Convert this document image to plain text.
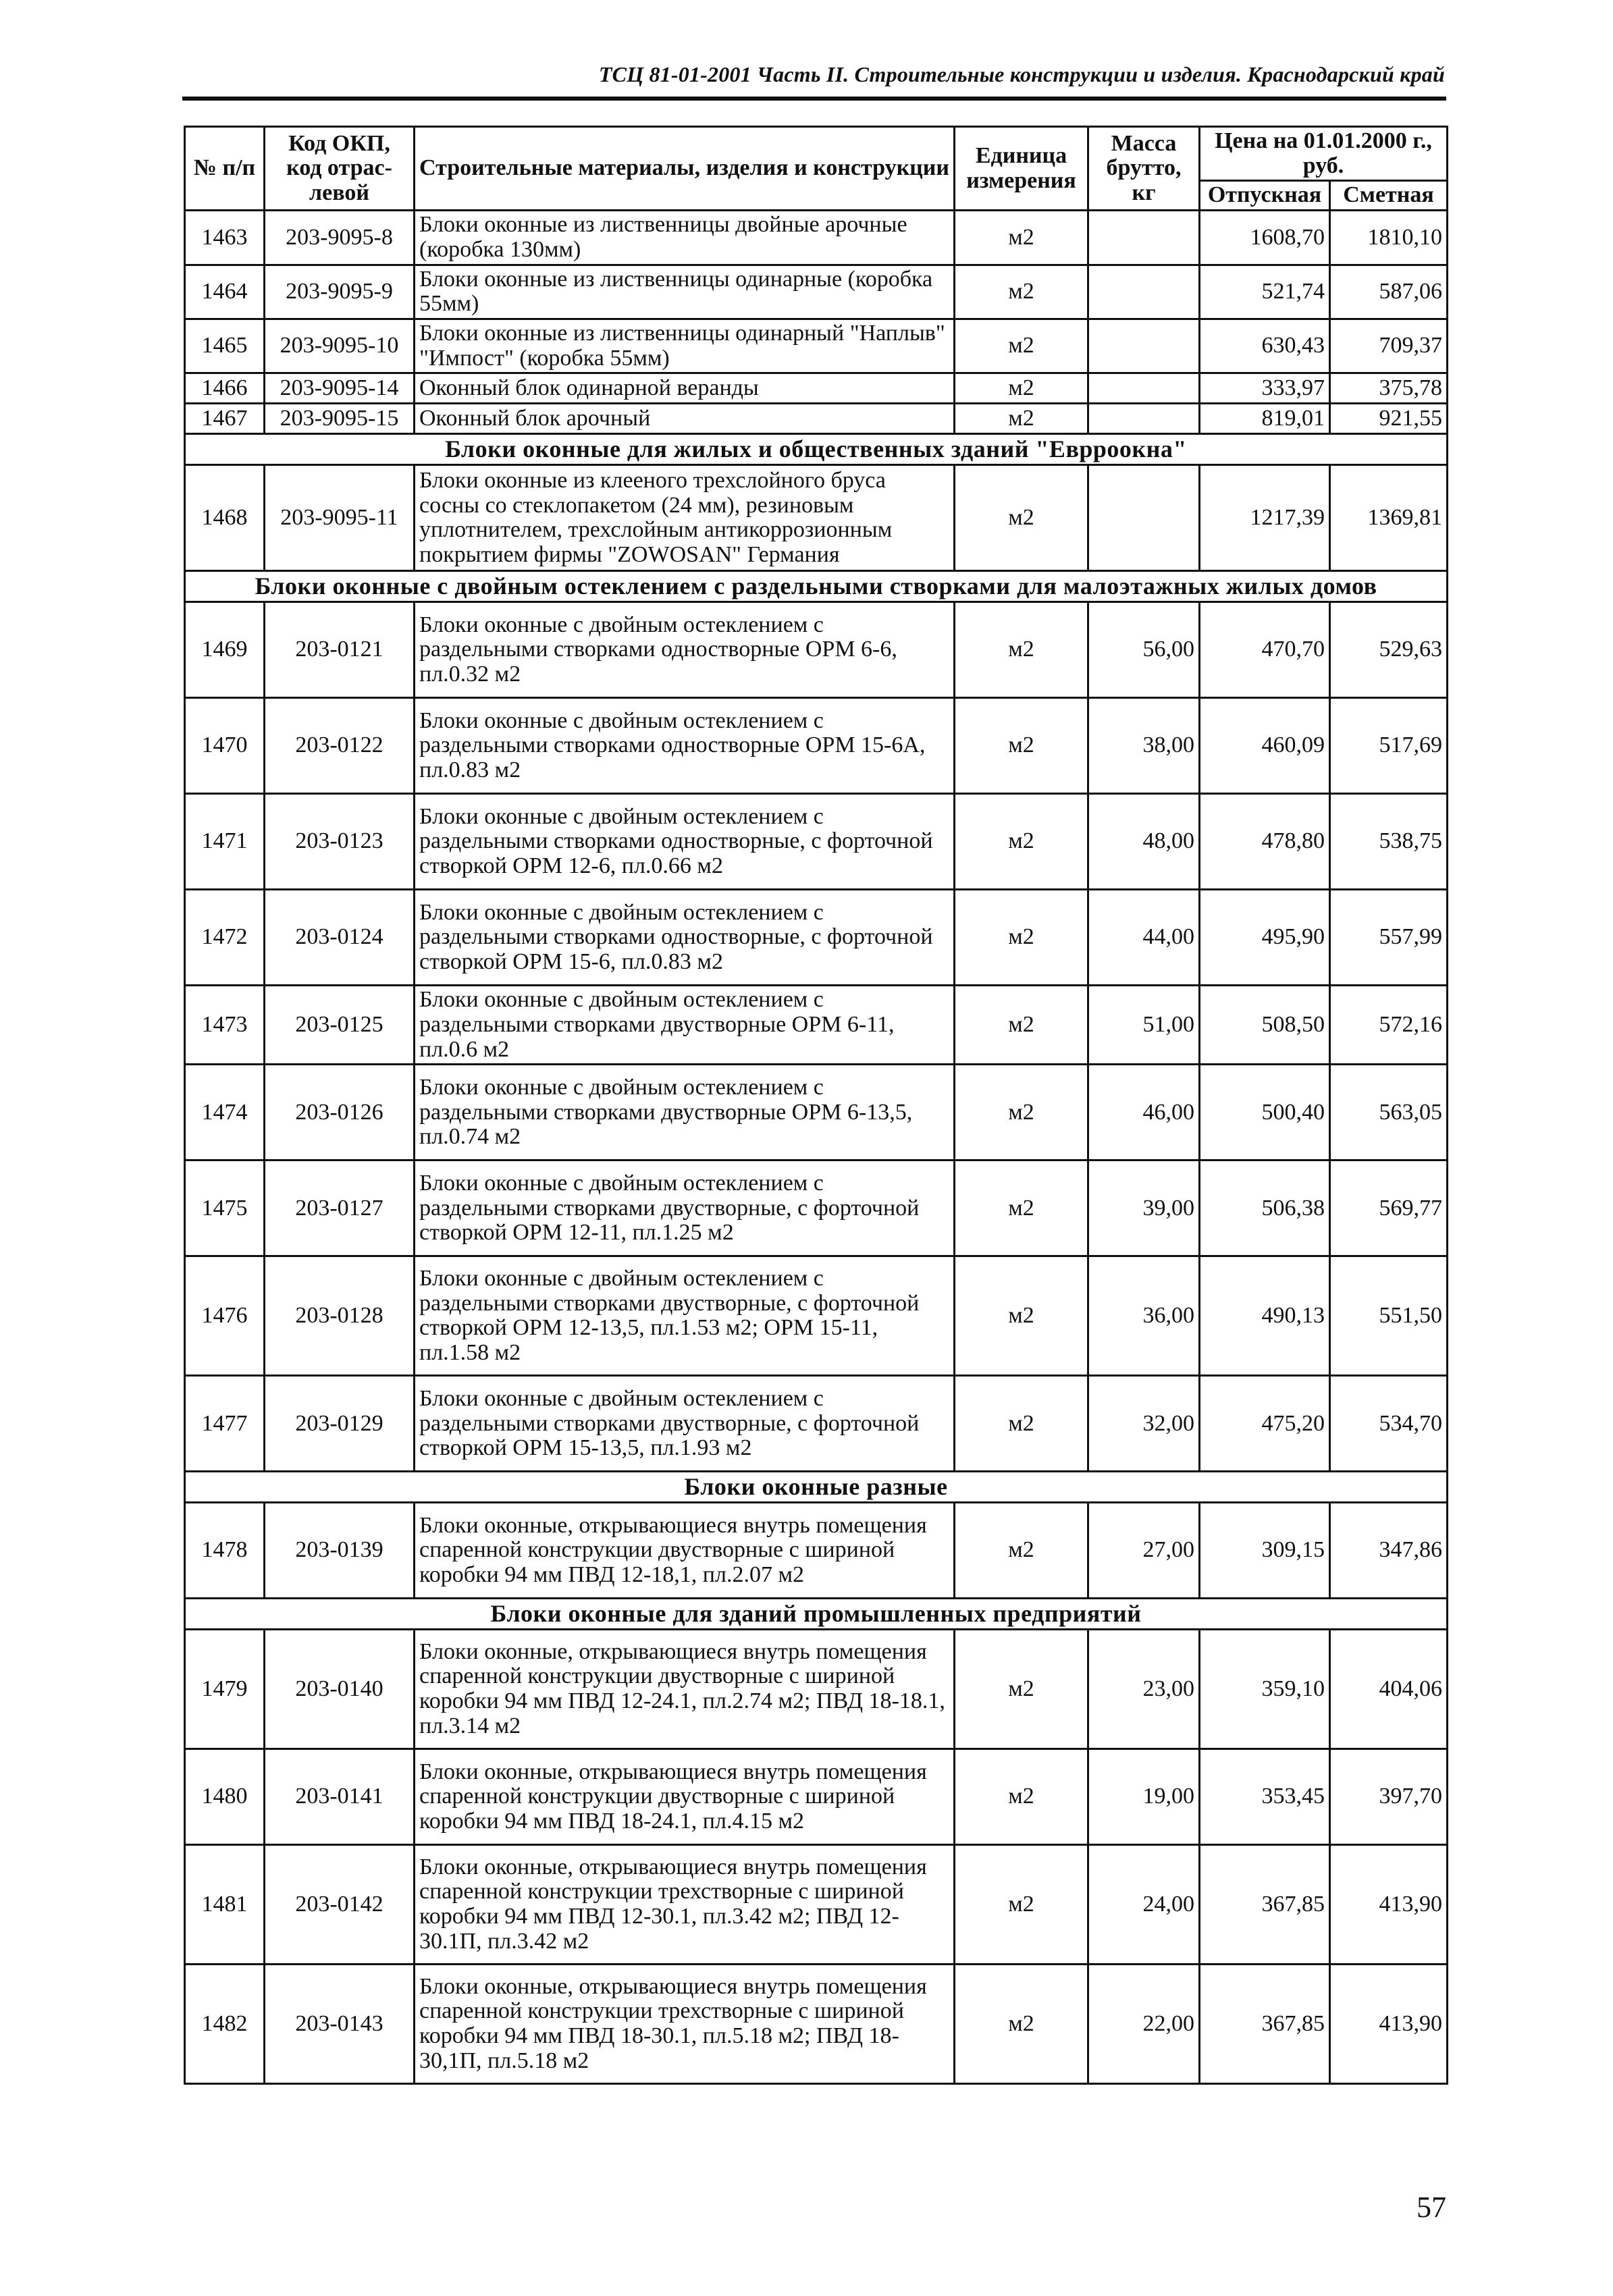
ТСЦ 81-01-2001 Часть II. Строительные конструкции и изделия. Краснодарский край
№ п/п	Код ОКП, код отрас-левой	Строительные материалы, изделия и конструкции	Единица измерения	Масса брутто, кг	Цена на 01.01.2000 г., руб.	
					Отпускная	Сметная
1463	203-9095-8	Блоки оконные из лиственницы двойные арочные (коробка 130мм)	м2		1608,70	1810,10
1464	203-9095-9	Блоки оконные из лиственницы одинарные (коробка 55мм)	м2		521,74	587,06
1465	203-9095-10	Блоки оконные из лиственницы одинарный "Наплыв" "Импост" (коробка 55мм)	м2		630,43	709,37
1466	203-9095-14	Оконный блок одинарной веранды	м2		333,97	375,78
1467	203-9095-15	Оконный блок арочный	м2		819,01	921,55
Блоки оконные для жилых и общественных зданий "Еврроокна"						
1468	203-9095-11	Блоки оконные из клееного трехслойного бруса сосны со стеклопакетом (24 мм), резиновым уплотнителем, трехслойным антикоррозионным покрытием фирмы "ZOWOSAN" Германия	м2		1217,39	1369,81
Блоки оконные с двойным остеклением с раздельными створками для малоэтажных жилых домов						
1469	203-0121	Блоки оконные с двойным остеклением с раздельными створками одностворные ОРМ 6-6, пл.0.32 м2	м2	56,00	470,70	529,63
1470	203-0122	Блоки оконные с двойным остеклением с раздельными створками одностворные ОРМ 15-6А, пл.0.83 м2	м2	38,00	460,09	517,69
1471	203-0123	Блоки оконные с двойным остеклением с раздельными створками одностворные, с форточной створкой ОРМ 12-6, пл.0.66 м2	м2	48,00	478,80	538,75
1472	203-0124	Блоки оконные с двойным остеклением с раздельными створками одностворные, с форточной створкой ОРМ 15-6, пл.0.83 м2	м2	44,00	495,90	557,99
1473	203-0125	Блоки оконные с двойным остеклением с раздельными створками двустворные ОРМ 6-11, пл.0.6 м2	м2	51,00	508,50	572,16
1474	203-0126	Блоки оконные с двойным остеклением с раздельными створками двустворные ОРМ 6-13,5, пл.0.74 м2	м2	46,00	500,40	563,05
1475	203-0127	Блоки оконные с двойным остеклением с раздельными створками двустворные, с форточной створкой ОРМ 12-11, пл.1.25 м2	м2	39,00	506,38	569,77
1476	203-0128	Блоки оконные с двойным остеклением с раздельными створками двустворные, с форточной створкой ОРМ 12-13,5, пл.1.53 м2; ОРМ 15-11, пл.1.58 м2	м2	36,00	490,13	551,50
1477	203-0129	Блоки оконные с двойным остеклением с раздельными створками двустворные, с форточной створкой ОРМ 15-13,5, пл.1.93 м2	м2	32,00	475,20	534,70
Блоки оконные разные						
1478	203-0139	Блоки оконные, открывающиеся внутрь помещения спаренной конструкции двустворные с шириной коробки 94 мм ПВД 12-18,1, пл.2.07 м2	м2	27,00	309,15	347,86
Блоки оконные для зданий промышленных предприятий						
1479	203-0140	Блоки оконные, открывающиеся внутрь помещения спаренной конструкции двустворные с шириной коробки 94 мм ПВД 12-24.1, пл.2.74 м2; ПВД 18-18.1, пл.3.14 м2	м2	23,00	359,10	404,06
1480	203-0141	Блоки оконные, открывающиеся внутрь помещения спаренной конструкции двустворные с шириной коробки 94 мм ПВД 18-24.1, пл.4.15 м2	м2	19,00	353,45	397,70
1481	203-0142	Блоки оконные, открывающиеся внутрь помещения спаренной конструкции трехстворные с шириной коробки 94 мм ПВД 12-30.1, пл.3.42 м2; ПВД 12-30.1П, пл.3.42 м2	м2	24,00	367,85	413,90
1482	203-0143	Блоки оконные, открывающиеся внутрь помещения спаренной конструкции трехстворные с шириной коробки 94 мм ПВД 18-30.1, пл.5.18 м2; ПВД 18-30,1П, пл.5.18 м2	м2	22,00	367,85	413,90
57
